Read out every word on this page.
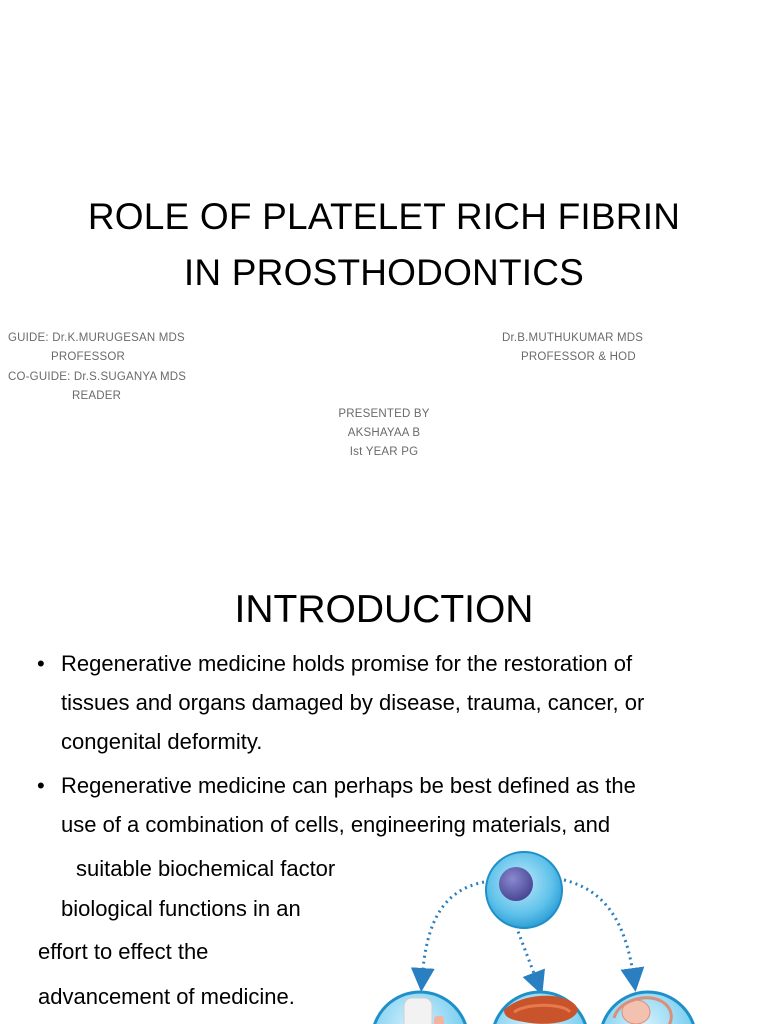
ROLE OF PLATELET RICH FIBRIN
IN PROSTHODONTICS
GUIDE: Dr.K.MURUGESAN MDS
PROFESSOR
CO-GUIDE: Dr.S.SUGANYA MDS
READER
Dr.B.MUTHUKUMAR MDS
PROFESSOR & HOD
PRESENTED BY
AKSHAYAA B
Ist YEAR PG
INTRODUCTION
• Regenerative medicine holds promise for the restoration of
tissues and organs damaged by disease, trauma, cancer, or
congenital deformity.
• Regenerative medicine can perhaps be best defined as the
use of a combination of cells, engineering materials, and
suitable biochemical factor
biological functions in an
effort to effect the
advancement of medicine.
